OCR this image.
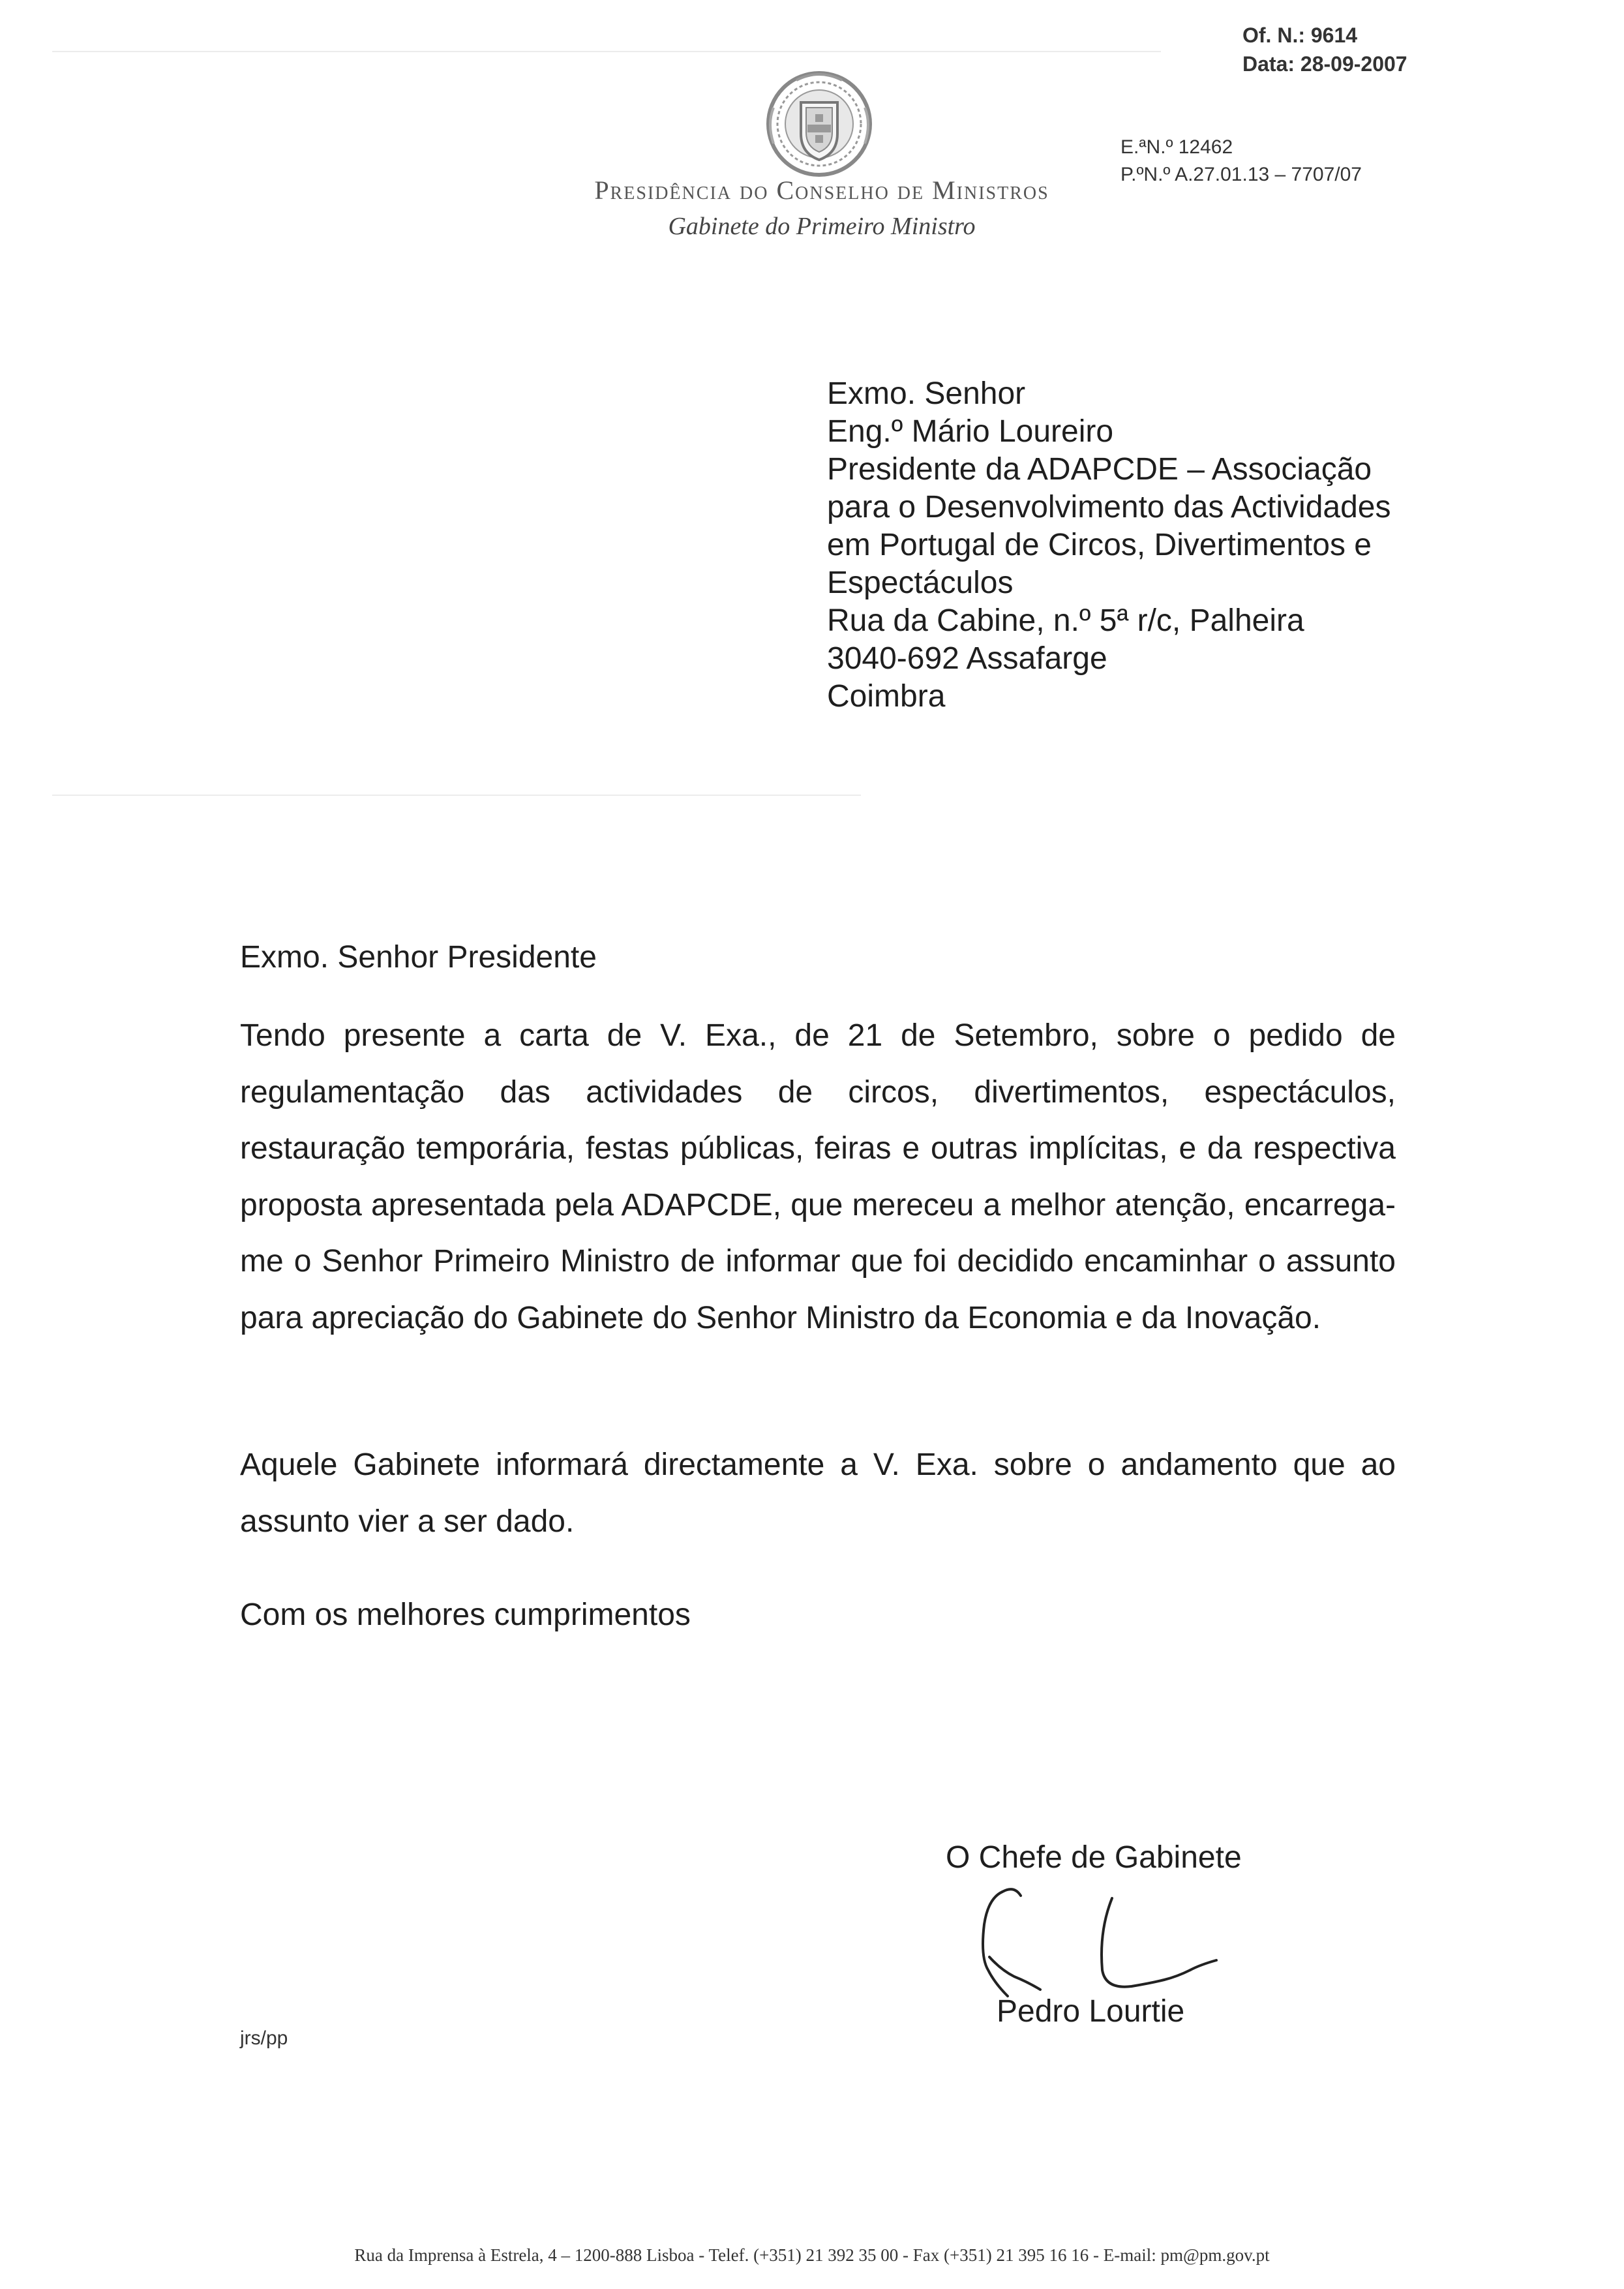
Presidência do Conselho de Ministros
Gabinete do Primeiro Ministro
Of. N.: 9614
Data: 28-09-2007
E.ªN.º 12462
P.ºN.º A.27.01.13 – 7707/07
Exmo. Senhor
Eng.º Mário Loureiro
Presidente da ADAPCDE – Associação
para o Desenvolvimento das Actividades
em Portugal de Circos, Divertimentos e
Espectáculos
Rua da Cabine, n.º 5ª r/c, Palheira
3040-692 Assafarge
Coimbra
Exmo. Senhor Presidente
Tendo presente a carta de V. Exa., de 21 de Setembro, sobre o pedido de regulamentação das actividades de circos, divertimentos, espectáculos, restauração temporária, festas públicas, feiras e outras implícitas, e da respectiva proposta apresentada pela ADAPCDE, que mereceu a melhor atenção, encarrega-me o Senhor Primeiro Ministro de informar que foi decidido encaminhar o assunto para apreciação do Gabinete do Senhor Ministro da Economia e da Inovação.
Aquele Gabinete informará directamente a V. Exa. sobre o andamento que ao assunto vier a ser dado.
Com os melhores cumprimentos
O Chefe de Gabinete
Pedro Lourtie
jrs/pp
Rua da Imprensa à Estrela, 4 – 1200-888 Lisboa - Telef. (+351) 21 392 35 00 - Fax (+351) 21 395 16 16 - E-mail: pm@pm.gov.pt
